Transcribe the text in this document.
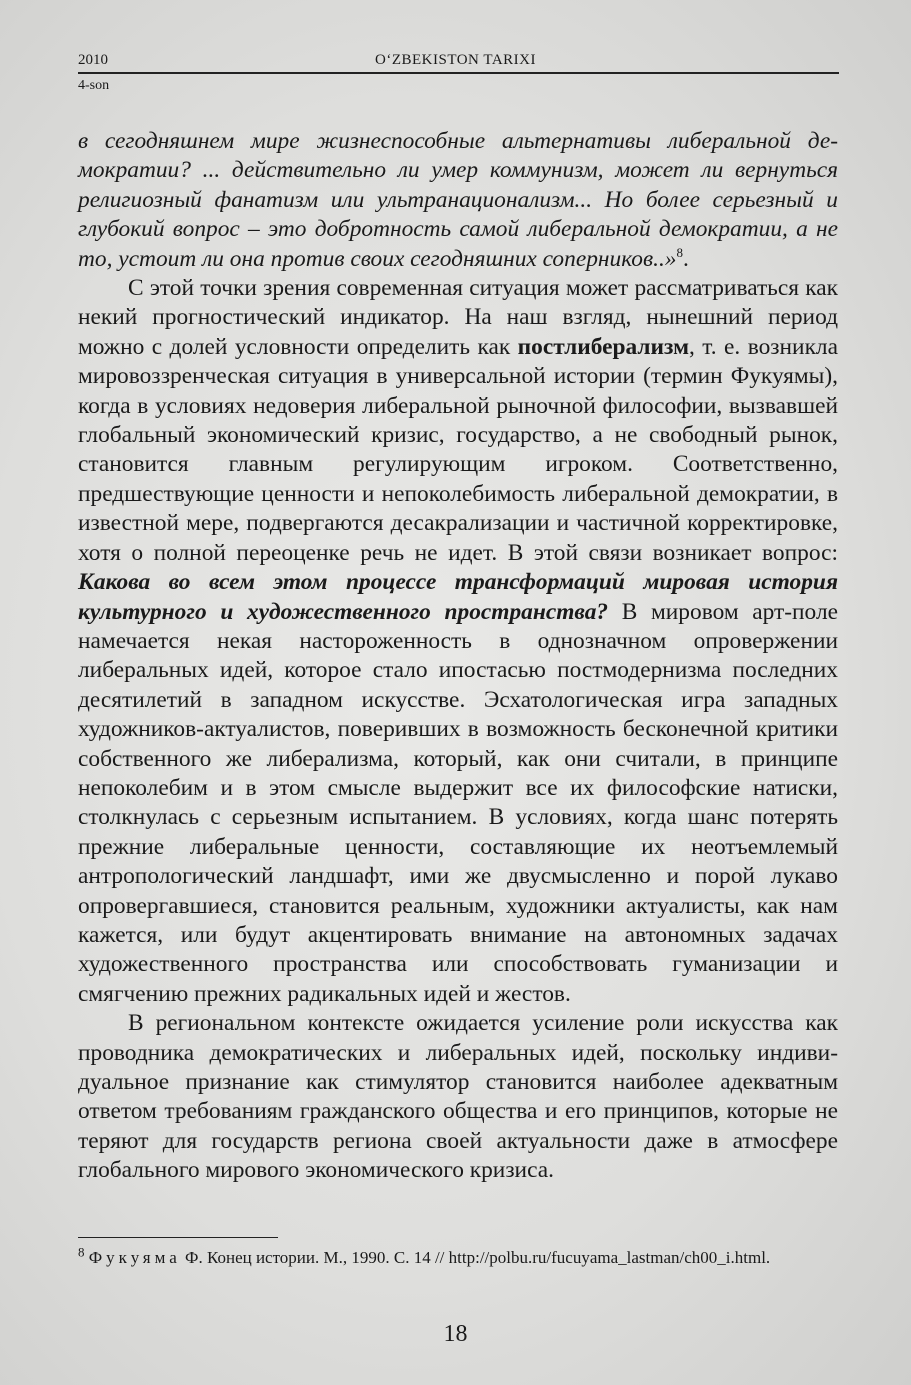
2010	O‘ZBEKISTON TARIXI
4-son

в сегодняшнем мире жизнеспособные альтернативы либеральной демократии? ... действительно ли умер коммунизм, может ли вернуться религиозный фанатизм или ультранационализм... Но более серьезный и глубокий вопрос – это добротность самой либеральной демократии, а не то, устоит ли она против своих сегодняшних соперников..»$^8$.

С этой точки зрения современная ситуация может рассматриваться как некий прогностический индикатор. На наш взгляд, нынешний период можно с долей условности определить как постлиберализм, т. е. возникла мировоззренческая ситуация в универсальной истории (термин Фукуямы), когда в условиях недоверия либеральной рыночной философии, вызвавшей глобальный экономический кризис, государство, а не свободный рынок, становится главным регулирующим игроком. Соответственно, предшествующие ценности и непоколебимость либеральной демократии, в известной мере, подвергаются десакрализации и частичной корректировке, хотя о полной переоценке речь не идет. В этой связи возникает вопрос: Какова во всем этом процессе трансформаций мировая история культурного и художественного пространства? В мировом арт-поле намечается некая настороженность в однозначном опровержении либеральных идей, которое стало ипостасью постмодернизма последних десятилетий в западном искусстве. Эсхатологическая игра западных художников-актуалистов, поверивших в возможность бесконечной критики собственного же либерализма, который, как они считали, в принципе непоколебим и в этом смысле выдержит все их философские натиски, столкнулась с серьезным испытанием. В условиях, когда шанс потерять прежние либеральные ценности, составляющие их неотъемлемый антропологический ландшафт, ими же двусмысленно и порой лукаво опровергавшиеся, становится реальным, художники актуалисты, как нам кажется, или будут акцентировать внимание на автономных задачах художественного пространства или способствовать гуманизации и смягчению прежних радикальных идей и жестов.

В региональном контексте ожидается усиление роли искусства как проводника демократических и либеральных идей, поскольку индивидуальное признание как стимулятор становится наиболее адекватным ответом требованиям гражданского общества и его принципов, которые не теряют для государств региона своей актуальности даже в атмосфере глобального мирового экономического кризиса.

$^8$ Фукуяма Ф. Конец истории. М., 1990. С. 14 // http://polbu.ru/fucuyama_lastman/ch00_i.html.
18
